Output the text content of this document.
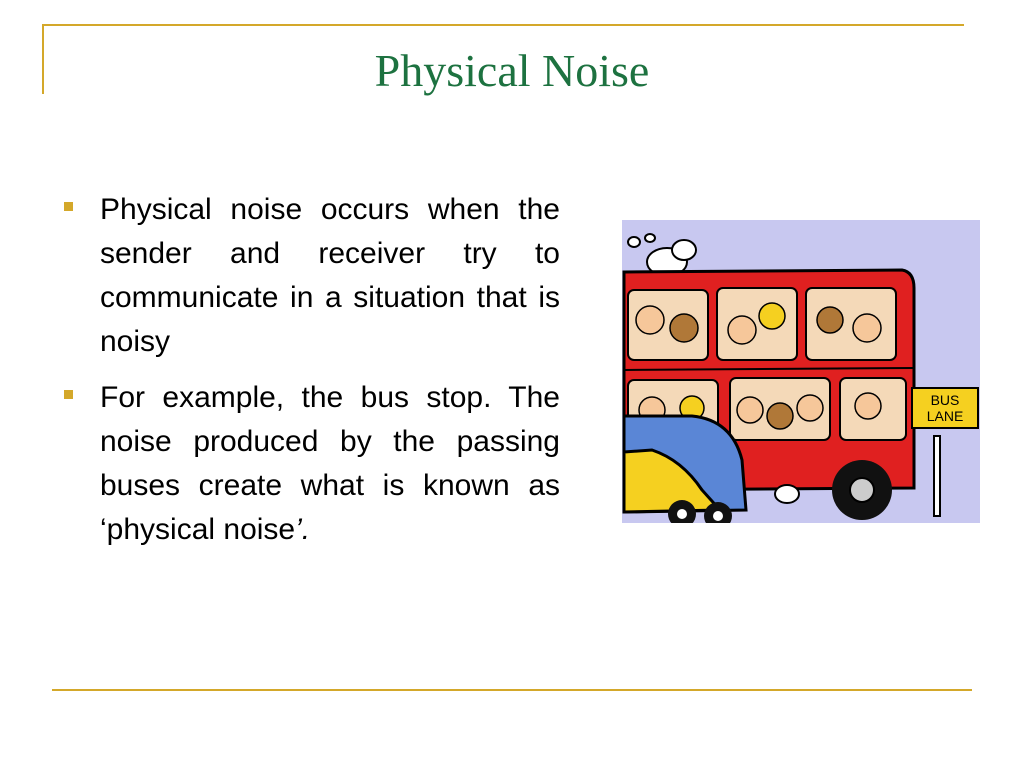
Physical Noise
Physical noise occurs when the sender and receiver try to communicate in a situation that is noisy
For example, the bus stop. The noise produced by the passing buses create what is known as ‘physical noise’.
BUS
LANE
